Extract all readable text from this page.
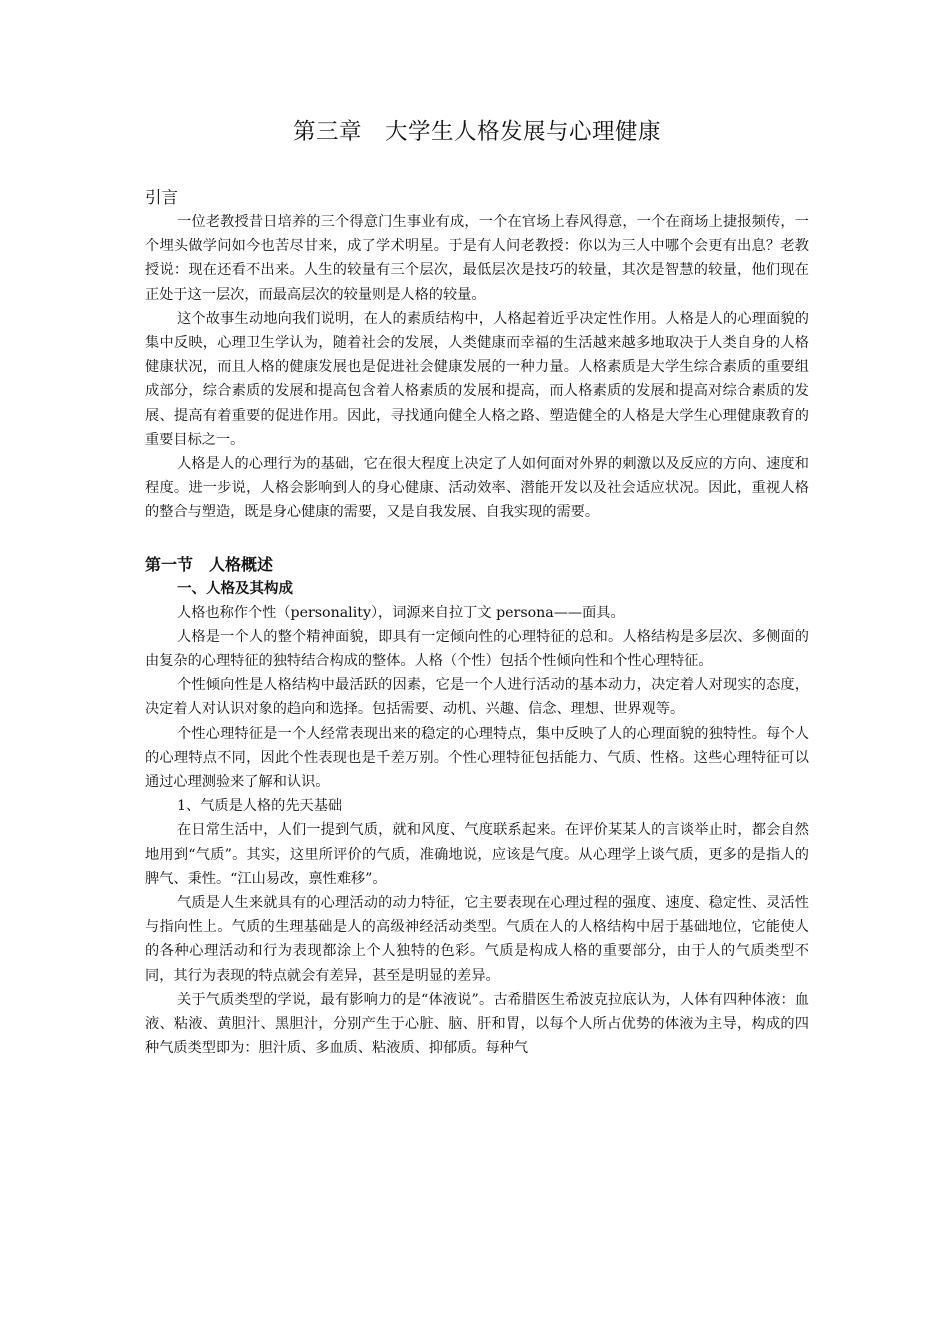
第三章　大学生人格发展与心理健康
引言

一位老教授昔日培养的三个得意门生事业有成，一个在官场上春风得意，一个在商场上捷报频传，一个埋头做学问如今也苦尽甘来，成了学术明星。于是有人问老教授：你以为三人中哪个会更有出息？老教授说：现在还看不出来。人生的较量有三个层次，最低层次是技巧的较量，其次是智慧的较量，他们现在正处于这一层次，而最高层次的较量则是人格的较量。

这个故事生动地向我们说明，在人的素质结构中，人格起着近乎决定性作用。人格是人的心理面貌的集中反映，心理卫生学认为，随着社会的发展，人类健康而幸福的生活越来越多地取决于人类自身的人格健康状况，而且人格的健康发展也是促进社会健康发展的一种力量。人格素质是大学生综合素质的重要组成部分，综合素质的发展和提高包含着人格素质的发展和提高，而人格素质的发展和提高对综合素质的发展、提高有着重要的促进作用。因此，寻找通向健全人格之路、塑造健全的人格是大学生心理健康教育的重要目标之一。

人格是人的心理行为的基础，它在很大程度上决定了人如何面对外界的刺激以及反应的方向、速度和程度。进一步说，人格会影响到人的身心健康、活动效率、潜能开发以及社会适应状况。因此，重视人格的整合与塑造，既是身心健康的需要，又是自我发展、自我实现的需要。

第一节　人格概述
一、人格及其构成

人格也称作个性（personality），词源来自拉丁文 persona——面具。

人格是一个人的整个精神面貌，即具有一定倾向性的心理特征的总和。人格结构是多层次、多侧面的由复杂的心理特征的独特结合构成的整体。人格（个性）包括个性倾向性和个性心理特征。

个性倾向性是人格结构中最活跃的因素，它是一个人进行活动的基本动力，决定着人对现实的态度，决定着人对认识对象的趋向和选择。包括需要、动机、兴趣、信念、理想、世界观等。

个性心理特征是一个人经常表现出来的稳定的心理特点，集中反映了人的心理面貌的独特性。每个人的心理特点不同，因此个性表现也是千差万别。个性心理特征包括能力、气质、性格。这些心理特征可以通过心理测验来了解和认识。

1、气质是人格的先天基础

在日常生活中，人们一提到气质，就和风度、气度联系起来。在评价某某人的言谈举止时，都会自然地用到“气质”。其实，这里所评价的气质，准确地说，应该是气度。从心理学上谈气质，更多的是指人的脾气、秉性。“江山易改，禀性难移”。

气质是人生来就具有的心理活动的动力特征，它主要表现在心理过程的强度、速度、稳定性、灵活性与指向性上。气质的生理基础是人的高级神经活动类型。气质在人的人格结构中居于基础地位，它能使人的各种心理活动和行为表现都涂上个人独特的色彩。气质是构成人格的重要部分，由于人的气质类型不同，其行为表现的特点就会有差异，甚至是明显的差异。

关于气质类型的学说，最有影响力的是“体液说”。古希腊医生希波克拉底认为，人体有四种体液：血液、粘液、黄胆汁、黑胆汁，分别产生于心脏、脑、肝和胃，以每个人所占优势的体液为主导，构成的四种气质类型即为：胆汁质、多血质、粘液质、抑郁质。每种气
